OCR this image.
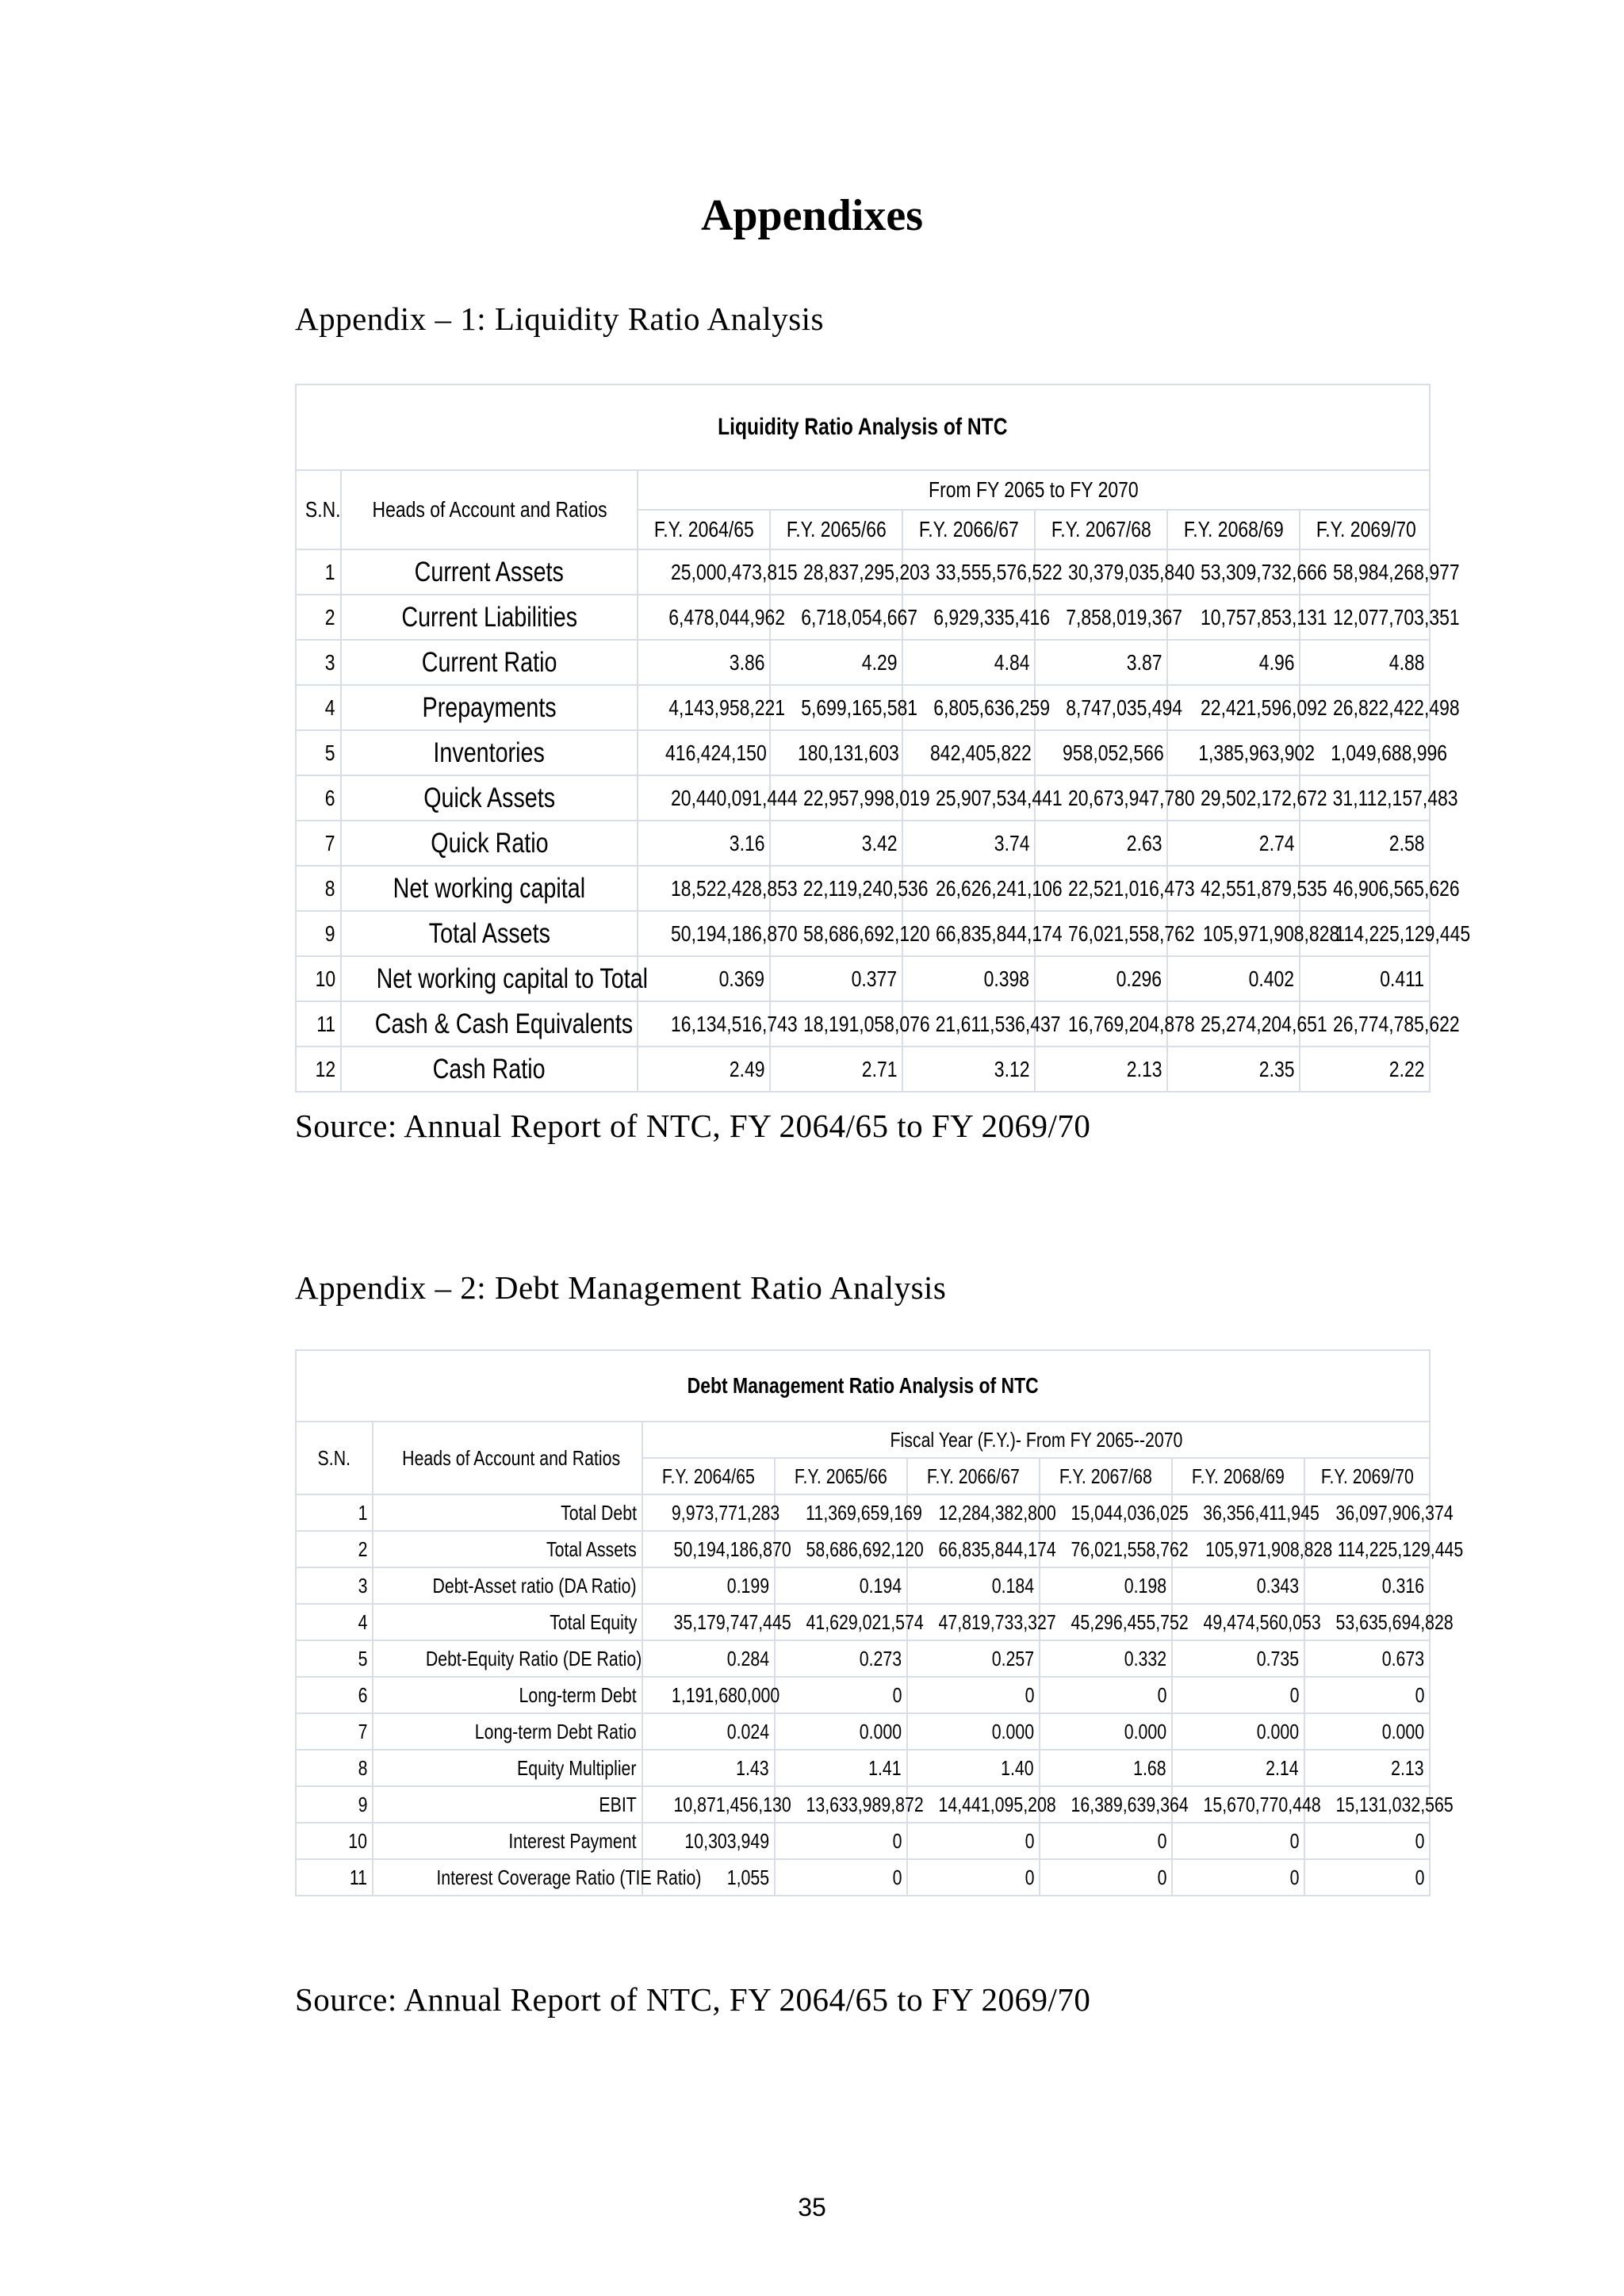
Appendixes
Appendix – 1: Liquidity Ratio Analysis
Liquidity Ratio Analysis of NTC							
S.N.	Heads of Account and Ratios	From FY 2065 to FY 2070					
		F.Y. 2064/65	F.Y. 2065/66	F.Y. 2066/67	F.Y. 2067/68	F.Y. 2068/69	F.Y. 2069/70
1	Current Assets	25,000,473,815	28,837,295,203	33,555,576,522	30,379,035,840	53,309,732,666	58,984,268,977
2	Current Liabilities	6,478,044,962	6,718,054,667	6,929,335,416	7,858,019,367	10,757,853,131	12,077,703,351
3	Current Ratio	3.86	4.29	4.84	3.87	4.96	4.88
4	Prepayments	4,143,958,221	5,699,165,581	6,805,636,259	8,747,035,494	22,421,596,092	26,822,422,498
5	Inventories	416,424,150	180,131,603	842,405,822	958,052,566	1,385,963,902	1,049,688,996
6	Quick Assets	20,440,091,444	22,957,998,019	25,907,534,441	20,673,947,780	29,502,172,672	31,112,157,483
7	Quick Ratio	3.16	3.42	3.74	2.63	2.74	2.58
8	Net working capital	18,522,428,853	22,119,240,536	26,626,241,106	22,521,016,473	42,551,879,535	46,906,565,626
9	Total Assets	50,194,186,870	58,686,692,120	66,835,844,174	76,021,558,762	105,971,908,828	114,225,129,445
10	Net working capital to Total	0.369	0.377	0.398	0.296	0.402	0.411
11	Cash & Cash Equivalents	16,134,516,743	18,191,058,076	21,611,536,437	16,769,204,878	25,274,204,651	26,774,785,622
12	Cash Ratio	2.49	2.71	3.12	2.13	2.35	2.22
Source: Annual Report of NTC, FY 2064/65 to FY 2069/70
Appendix – 2: Debt Management Ratio Analysis
Debt Management Ratio Analysis of NTC							
S.N.	Heads of Account and Ratios	Fiscal Year (F.Y.)- From FY 2065--2070					
		F.Y. 2064/65	F.Y. 2065/66	F.Y. 2066/67	F.Y. 2067/68	F.Y. 2068/69	F.Y. 2069/70
1	Total Debt	9,973,771,283	11,369,659,169	12,284,382,800	15,044,036,025	36,356,411,945	36,097,906,374
2	Total Assets	50,194,186,870	58,686,692,120	66,835,844,174	76,021,558,762	105,971,908,828	114,225,129,445
3	Debt-Asset ratio (DA Ratio)	0.199	0.194	0.184	0.198	0.343	0.316
4	Total Equity	35,179,747,445	41,629,021,574	47,819,733,327	45,296,455,752	49,474,560,053	53,635,694,828
5	Debt-Equity Ratio (DE Ratio)	0.284	0.273	0.257	0.332	0.735	0.673
6	Long-term Debt	1,191,680,000	0	0	0	0	0
7	Long-term Debt Ratio	0.024	0.000	0.000	0.000	0.000	0.000
8	Equity Multiplier	1.43	1.41	1.40	1.68	2.14	2.13
9	EBIT	10,871,456,130	13,633,989,872	14,441,095,208	16,389,639,364	15,670,770,448	15,131,032,565
10	Interest Payment	10,303,949	0	0	0	0	0
11	Interest Coverage Ratio (TIE Ratio)	1,055	0	0	0	0	0
Source: Annual Report of NTC, FY 2064/65 to FY 2069/70
35
